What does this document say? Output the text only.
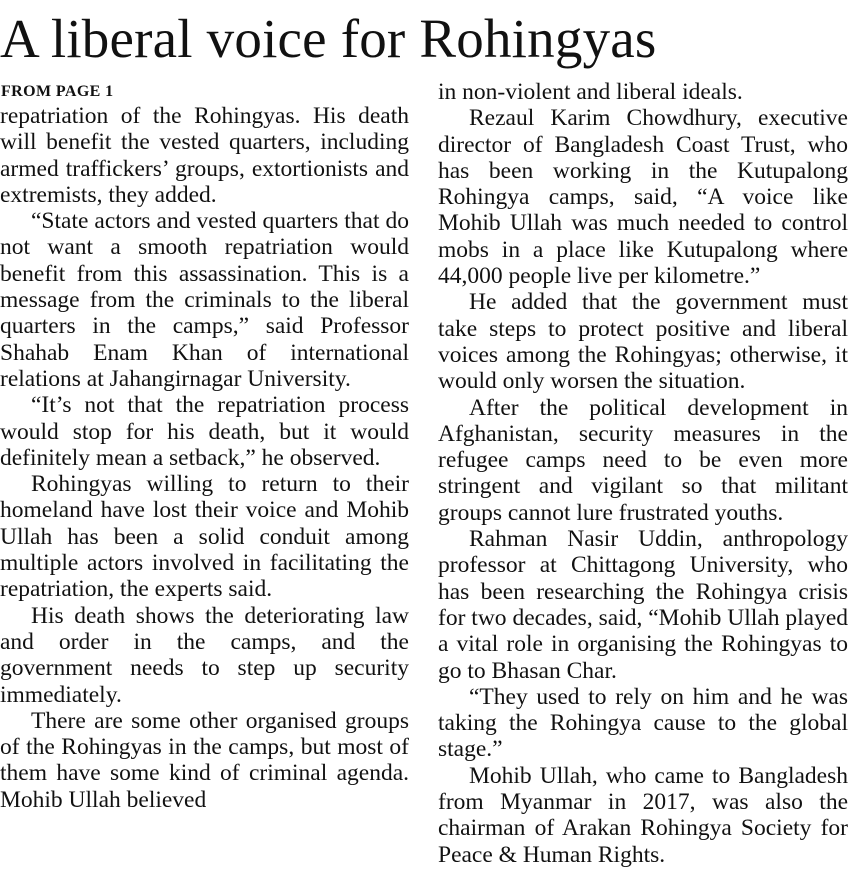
A liberal voice for Rohingyas
FROM PAGE 1

repatriation of the Rohingyas. His death will benefit the vested quarters, including armed traffickers’ groups, extortionists and extremists, they added.

“State actors and vested quarters that do not want a smooth repatriation would benefit from this assassination. This is a message from the criminals to the liberal quarters in the camps,” said Professor Shahab Enam Khan of international relations at Jahangirnagar University.

“It’s not that the repatriation process would stop for his death, but it would definitely mean a setback,” he observed.

Rohingyas willing to return to their homeland have lost their voice and Mohib Ullah has been a solid conduit among multiple actors involved in facilitating the repatriation, the experts said.

His death shows the deteriorating law and order in the camps, and the government needs to step up security immediately.

There are some other organised groups of the Rohingyas in the camps, but most of them have some kind of criminal agenda. Mohib Ullah believed

in non-violent and liberal ideals.

Rezaul Karim Chowdhury, executive director of Bangladesh Coast Trust, who has been working in the Kutupalong Rohingya camps, said, “A voice like Mohib Ullah was much needed to control mobs in a place like Kutupalong where 44,000 people live per kilometre.”

He added that the government must take steps to protect positive and liberal voices among the Rohingyas; otherwise, it would only worsen the situation.

After the political development in Afghanistan, security measures in the refugee camps need to be even more stringent and vigilant so that militant groups cannot lure frustrated youths.

Rahman Nasir Uddin, anthropology professor at Chittagong University, who has been researching the Rohingya crisis for two decades, said, “Mohib Ullah played a vital role in organising the Rohingyas to go to Bhasan Char.

“They used to rely on him and he was taking the Rohingya cause to the global stage.”

Mohib Ullah, who came to Bangladesh from Myanmar in 2017, was also the chairman of Arakan Rohingya Society for Peace & Human Rights.
